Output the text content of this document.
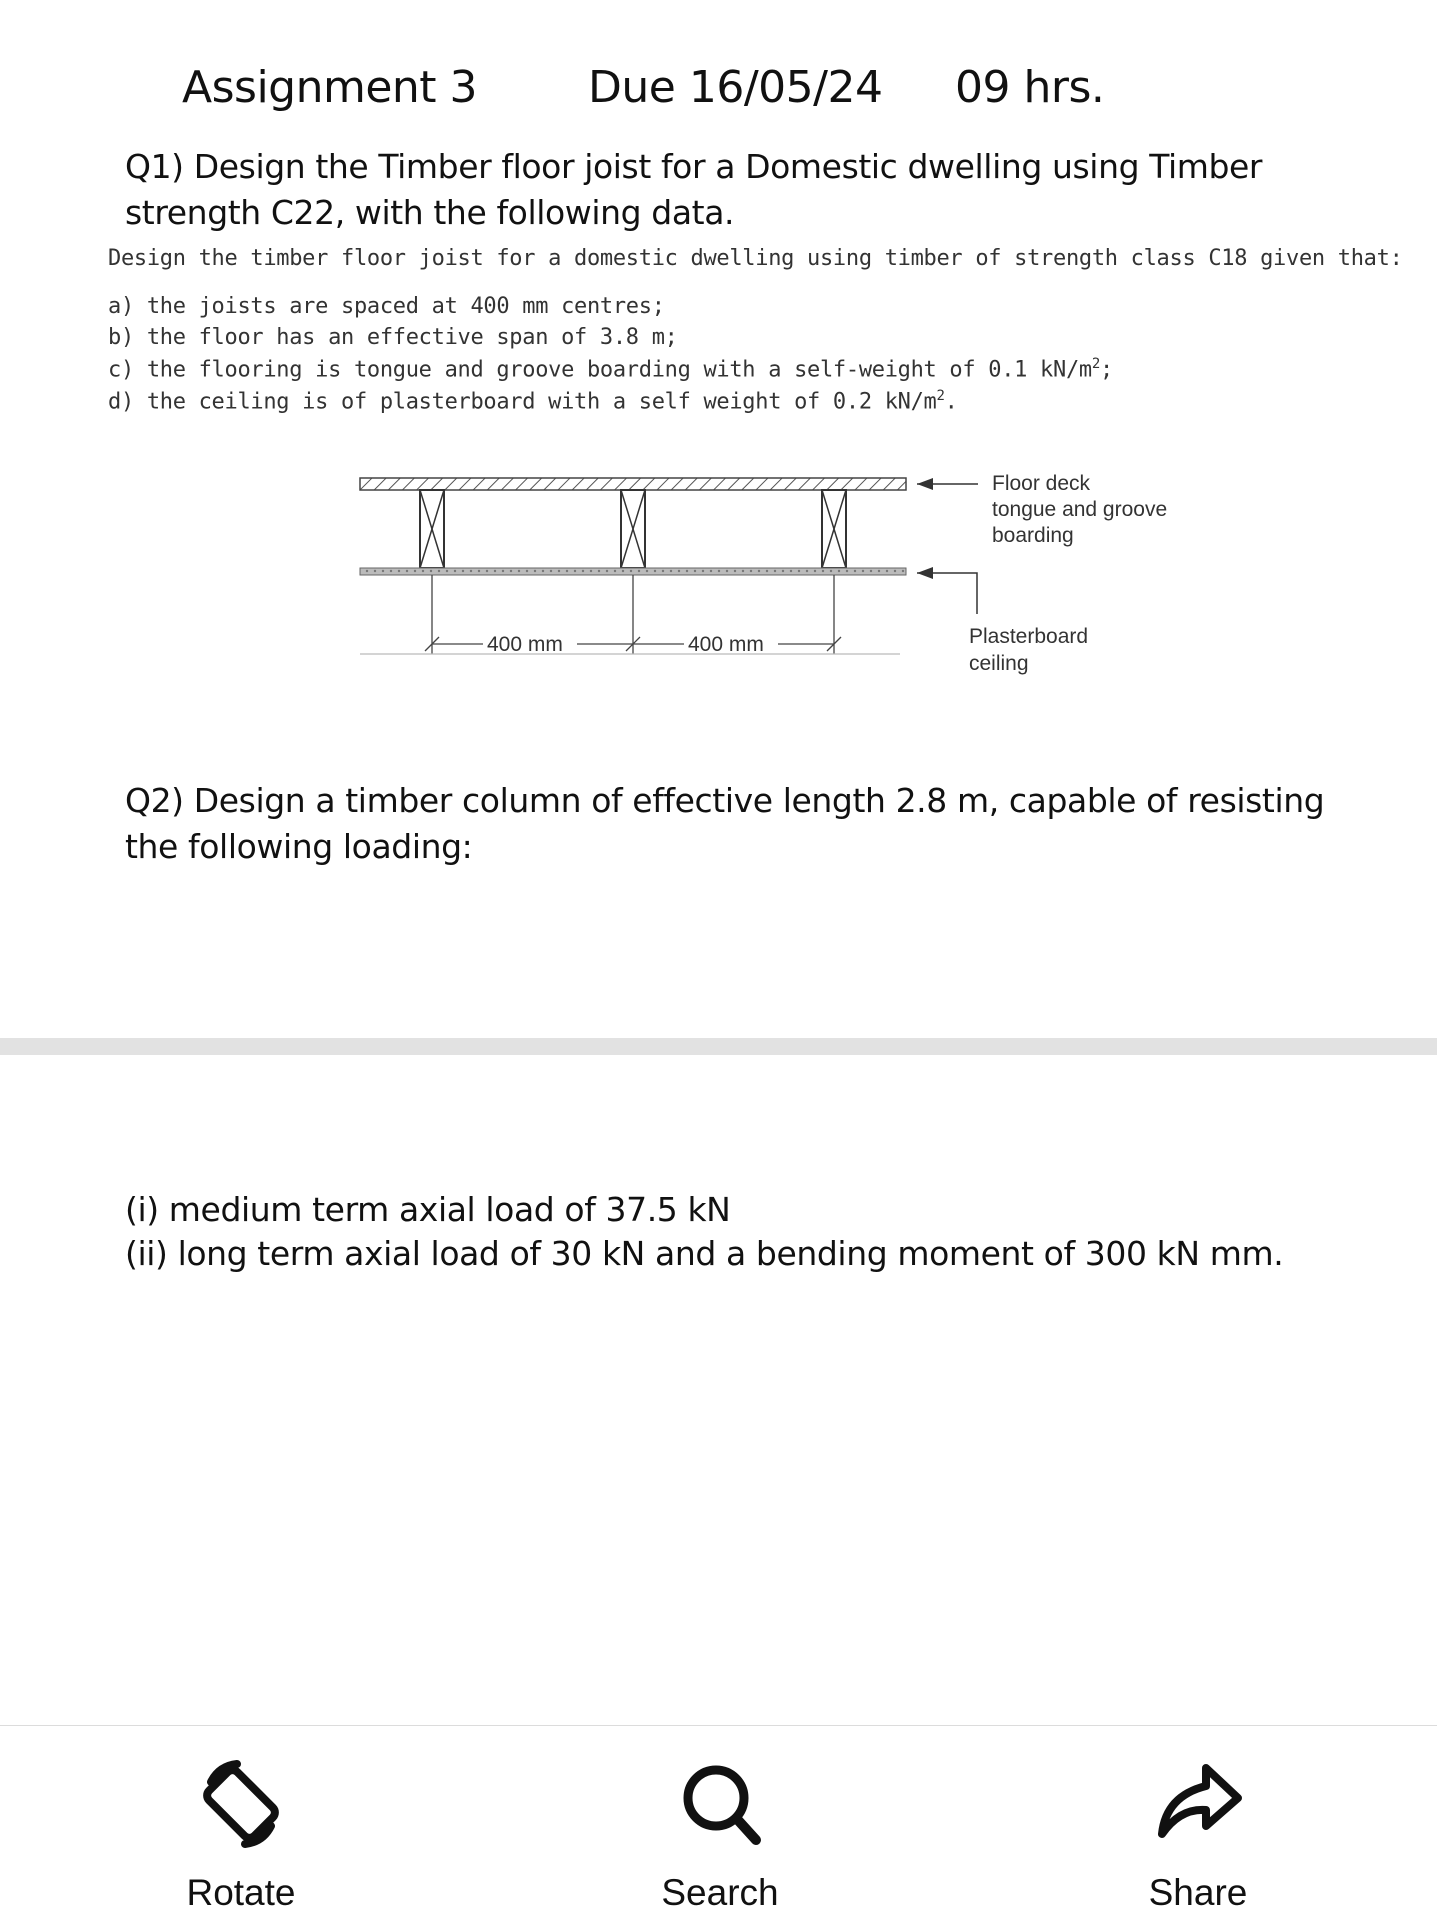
Assignment 3	Due 16/05/24 09 hrs.
Q1) Design the Timber floor joist for a Domestic dwelling using Timber
strength C22, with the following data.
Design the timber floor joist for a domestic dwelling using timber of strength class C18 given that:
a) the joists are spaced at 400 mm centres;
b) the floor has an effective span of 3.8 m;
c) the flooring is tongue and groove boarding with a self-weight of 0.1 $kN/m^2$;
d) the ceiling is of plasterboard with a self weight of 0.2 $kN/m^2$.
400 mm	400 mm
Floor deck
tongue and groove
boarding
Plasterboard
ceiling
Q2) Design a timber column of effective length 2.8 m, capable of resisting
the following loading:
(i) medium term axial load of 37.5 kN
(ii) long term axial load of 30 kN and a bending moment of 300 kN mm.
Rotate	Search	Share
